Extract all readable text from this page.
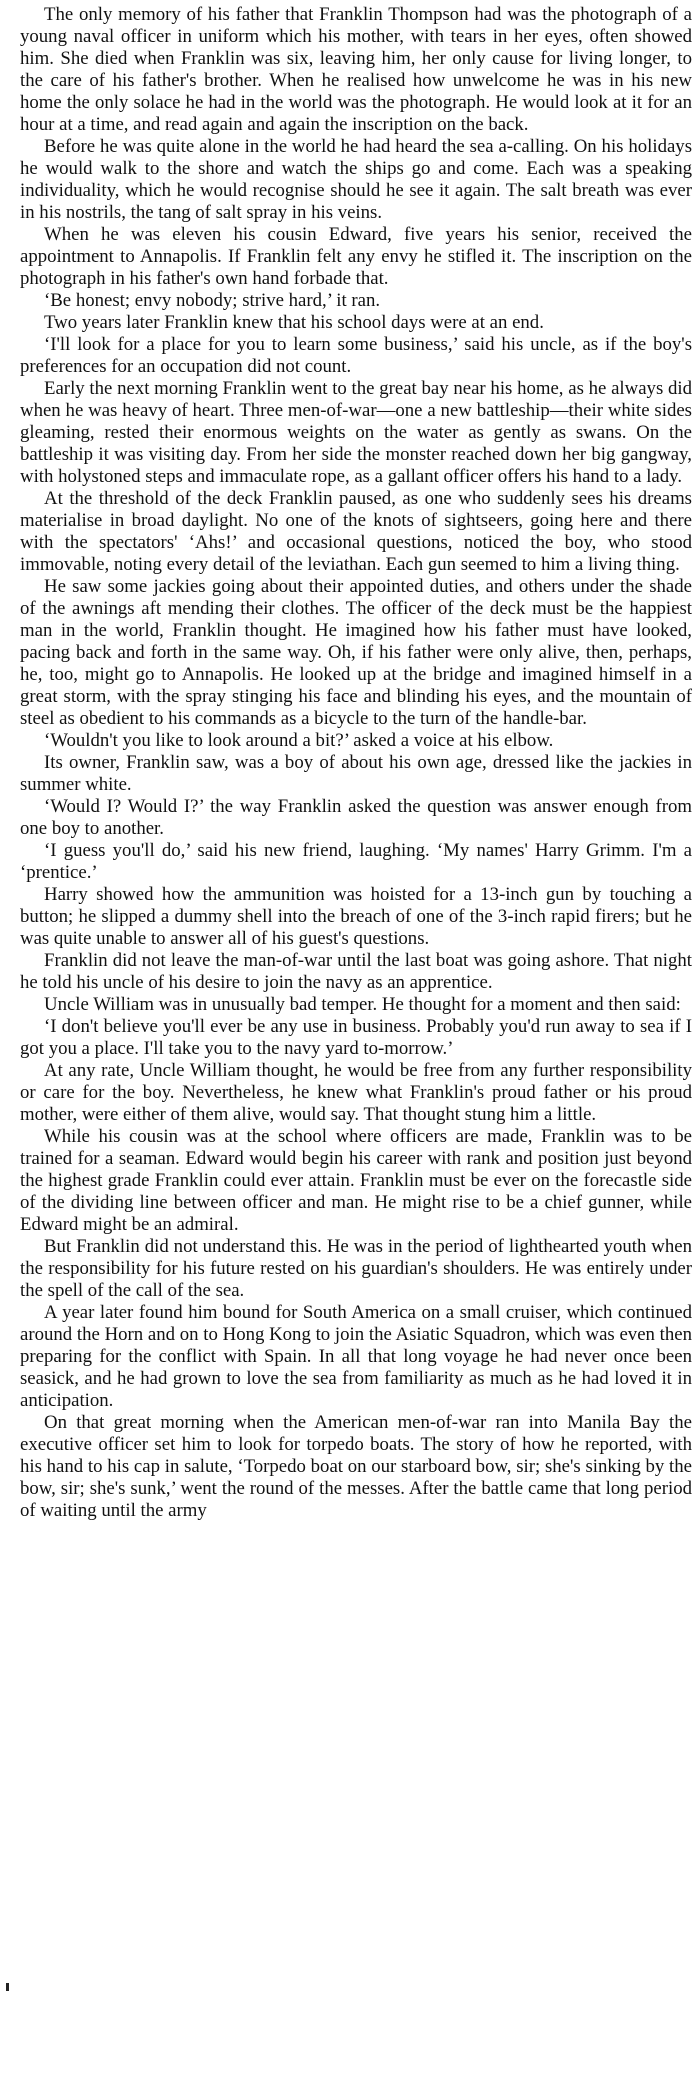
The only memory of his father that Franklin Thompson had was the photograph of a young naval officer in uniform which his mother, with tears in her eyes, often showed him. She died when Franklin was six, leaving him, her only cause for living longer, to the care of his father's brother. When he realised how unwelcome he was in his new home the only solace he had in the world was the photograph. He would look at it for an hour at a time, and read again and again the inscription on the back.

Before he was quite alone in the world he had heard the sea a-calling. On his holidays he would walk to the shore and watch the ships go and come. Each was a speaking individuality, which he would recognise should he see it again. The salt breath was ever in his nostrils, the tang of salt spray in his veins.

When he was eleven his cousin Edward, five years his senior, received the appointment to Annapolis. If Franklin felt any envy he stifled it. The inscription on the photograph in his father's own hand forbade that.

‘Be honest; envy nobody; strive hard,’ it ran.

Two years later Franklin knew that his school days were at an end.

‘I'll look for a place for you to learn some business,’ said his uncle, as if the boy's preferences for an occupation did not count.

Early the next morning Franklin went to the great bay near his home, as he always did when he was heavy of heart. Three men-of-war—one a new battleship—their white sides gleaming, rested their enormous weights on the water as gently as swans. On the battleship it was visiting day. From her side the monster reached down her big gangway, with holystoned steps and immaculate rope, as a gallant officer offers his hand to a lady.

At the threshold of the deck Franklin paused, as one who suddenly sees his dreams materialise in broad daylight. No one of the knots of sightseers, going here and there with the spectators' ‘Ahs!’ and occasional questions, noticed the boy, who stood immovable, noting every detail of the leviathan. Each gun seemed to him a living thing.

He saw some jackies going about their appointed duties, and others under the shade of the awnings aft mending their clothes. The officer of the deck must be the happiest man in the world, Franklin thought. He imagined how his father must have looked, pacing back and forth in the same way. Oh, if his father were only alive, then, perhaps, he, too, might go to Annapolis. He looked up at the bridge and imagined himself in a great storm, with the spray stinging his face and blinding his eyes, and the mountain of steel as obedient to his commands as a bicycle to the turn of the handle-bar.

‘Wouldn't you like to look around a bit?’ asked a voice at his elbow.

Its owner, Franklin saw, was a boy of about his own age, dressed like the jackies in summer white.

‘Would I? Would I?’ the way Franklin asked the question was answer enough from one boy to another.

‘I guess you'll do,’ said his new friend, laughing. ‘My names' Harry Grimm. I'm a ‘prentice.’

Harry showed how the ammunition was hoisted for a 13-inch gun by touching a button; he slipped a dummy shell into the breach of one of the 3-inch rapid firers; but he was quite unable to answer all of his guest's questions.

Franklin did not leave the man-of-war until the last boat was going ashore. That night he told his uncle of his desire to join the navy as an apprentice.

Uncle William was in unusually bad temper. He thought for a moment and then said:

‘I don't believe you'll ever be any use in business. Probably you'd run away to sea if I got you a place. I'll take you to the navy yard to-morrow.’

At any rate, Uncle William thought, he would be free from any further responsibility or care for the boy. Nevertheless, he knew what Franklin's proud father or his proud mother, were either of them alive, would say. That thought stung him a little.

While his cousin was at the school where officers are made, Franklin was to be trained for a seaman. Edward would begin his career with rank and position just beyond the highest grade Franklin could ever attain. Franklin must be ever on the forecastle side of the dividing line between officer and man. He might rise to be a chief gunner, while Edward might be an admiral.

But Franklin did not understand this. He was in the period of lighthearted youth when the responsibility for his future rested on his guardian's shoulders. He was entirely under the spell of the call of the sea.

A year later found him bound for South America on a small cruiser, which continued around the Horn and on to Hong Kong to join the Asiatic Squadron, which was even then preparing for the conflict with Spain. In all that long voyage he had never once been seasick, and he had grown to love the sea from familiarity as much as he had loved it in anticipation.

On that great morning when the American men-of-war ran into Manila Bay the executive officer set him to look for torpedo boats. The story of how he reported, with his hand to his cap in salute, ‘Torpedo boat on our starboard bow, sir; she's sinking by the bow, sir; she's sunk,’ went the round of the messes. After the battle came that long period of waiting until the army
